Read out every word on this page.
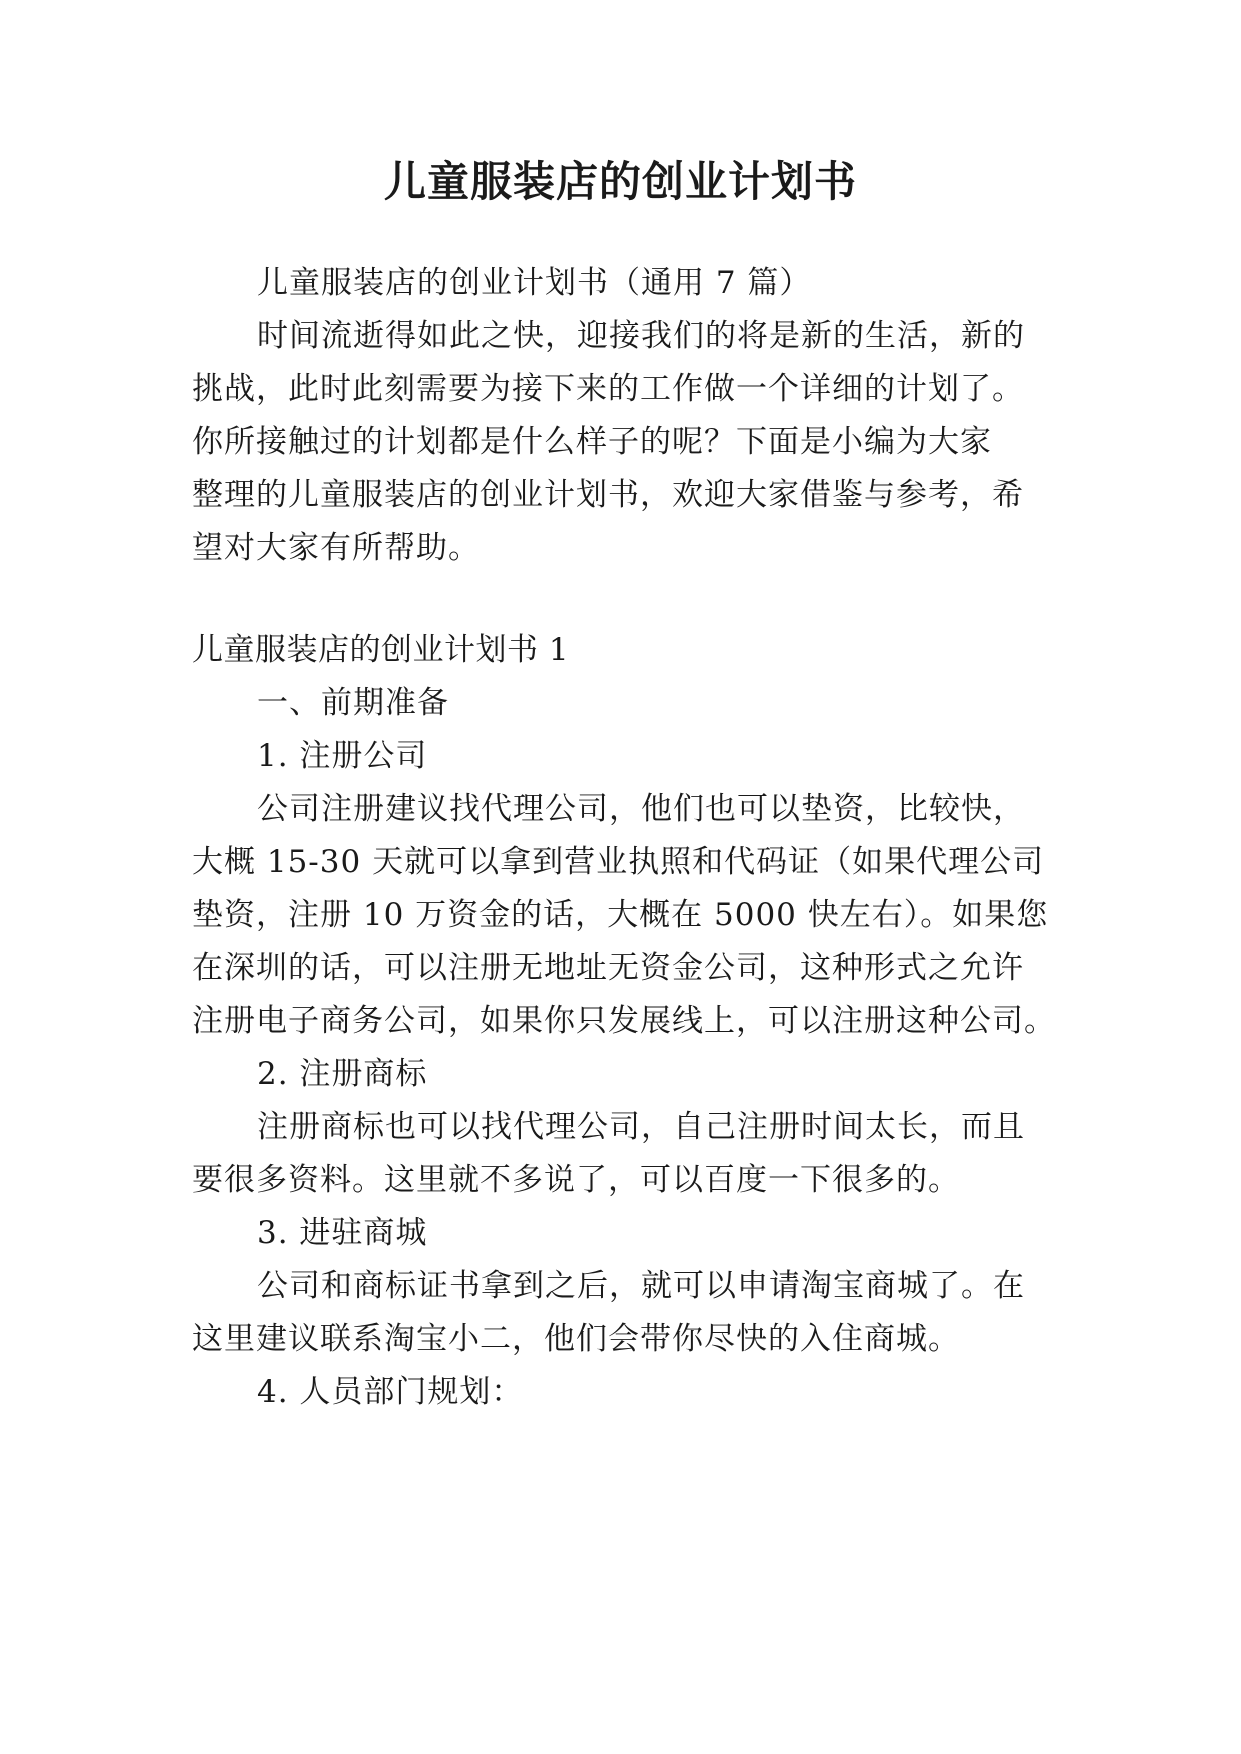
儿童服装店的创业计划书
儿童服装店的创业计划书（通用 7 篇）
时间流逝得如此之快，迎接我们的将是新的生活，新的
挑战，此时此刻需要为接下来的工作做一个详细的计划了。
你所接触过的计划都是什么样子的呢？下面是小编为大家
整理的儿童服装店的创业计划书，欢迎大家借鉴与参考，希
望对大家有所帮助。
儿童服装店的创业计划书 1
一、前期准备
1. 注册公司
公司注册建议找代理公司，他们也可以垫资，比较快，
大概 15-30 天就可以拿到营业执照和代码证（如果代理公司
垫资，注册 10 万资金的话，大概在 5000 快左右）。如果您
在深圳的话，可以注册无地址无资金公司，这种形式之允许
注册电子商务公司，如果你只发展线上，可以注册这种公司。
2. 注册商标
注册商标也可以找代理公司，自己注册时间太长，而且
要很多资料。这里就不多说了，可以百度一下很多的。
3. 进驻商城
公司和商标证书拿到之后，就可以申请淘宝商城了。在
这里建议联系淘宝小二，他们会带你尽快的入住商城。
4. 人员部门规划：
